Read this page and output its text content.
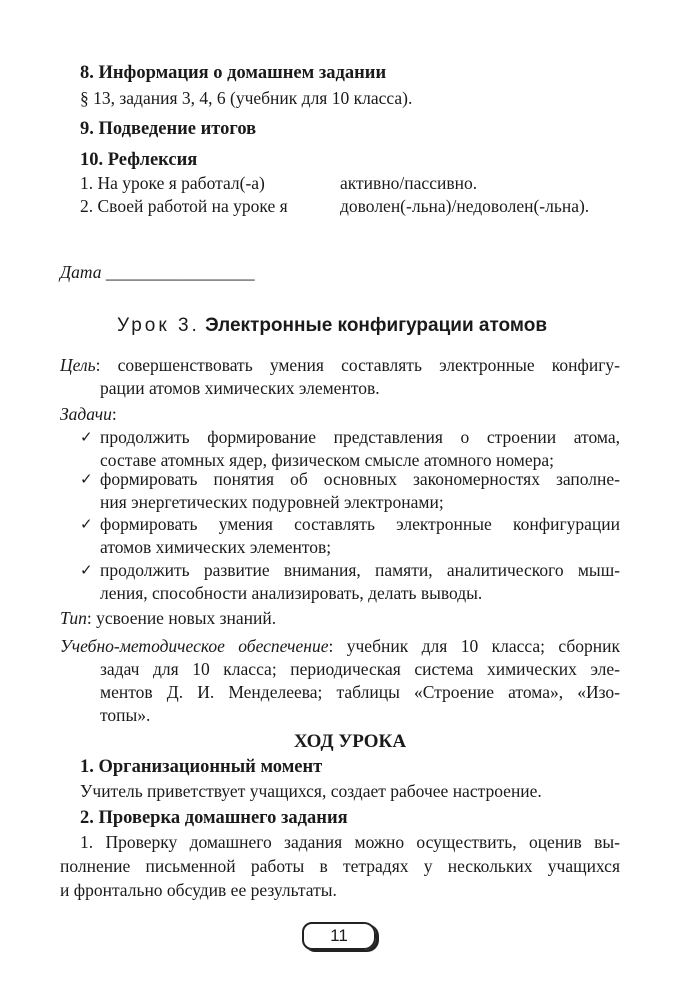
8. Информация о домашнем задании
§ 13, задания 3, 4, 6 (учебник для 10 класса).
9. Подведение итогов
10. Рефлексия
1. На уроке я работал(-а)	активно/пассивно.
2. Своей работой на уроке я	доволен(-льна)/недоволен(-льна).
Дата _________________
Урок 3. Электронные конфигурации атомов
Цель: совершенствовать умения составлять электронные конфигу-
рации атомов химических элементов.
Задачи:
✓ продолжить формирование представления о строении атома,
составе атомных ядер, физическом смысле атомного номера;
✓ формировать понятия об основных закономерностях заполне-
ния энергетических подуровней электронами;
✓ формировать умения составлять электронные конфигурации
атомов химических элементов;
✓ продолжить развитие внимания, памяти, аналитического мыш-
ления, способности анализировать, делать выводы.
Тип: усвоение новых знаний.
Учебно-методическое обеспечение: учебник для 10 класса; сборник
задач для 10 класса; периодическая система химических эле-
ментов Д. И. Менделеева; таблицы «Строение атома», «Изо-
топы».
ХОД УРОКА
1. Организационный момент
Учитель приветствует учащихся, создает рабочее настроение.
2. Проверка домашнего задания
1. Проверку домашнего задания можно осуществить, оценив вы-
полнение письменной работы в тетрадях у нескольких учащихся
и фронтально обсудив ее результаты.
11
